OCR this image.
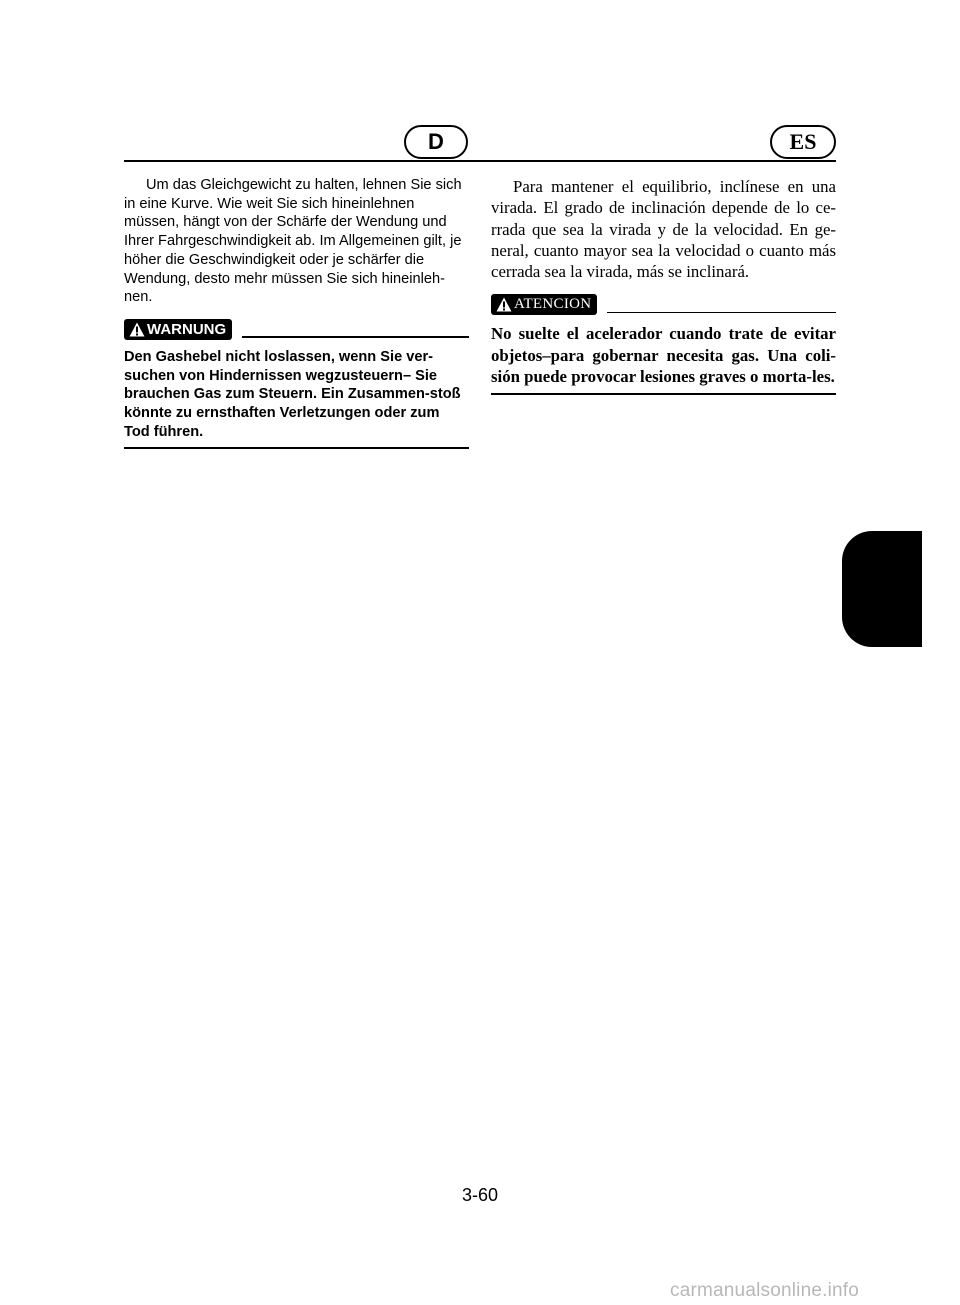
D	ES

Um das Gleichgewicht zu halten, lehnen Sie sich in eine Kurve. Wie weit Sie sich hineinlehnen müssen, hängt von der Schärfe der Wendung und Ihrer Fahrgeschwindigkeit ab. Im Allgemeinen gilt, je höher die Geschwindigkeit oder je schärfer die Wendung, desto mehr müssen Sie sich hineinleh-nen.

WARNUNG

Den Gashebel nicht loslassen, wenn Sie ver-suchen von Hindernissen wegzusteuern– Sie brauchen Gas zum Steuern. Ein Zusammen-stoß könnte zu ernsthaften Verletzungen oder zum Tod führen.

Para mantener el equilibrio, inclínese en una virada. El grado de inclinación depende de lo ce-rrada que sea la virada y de la velocidad. En ge-neral, cuanto mayor sea la velocidad o cuanto más cerrada sea la virada, más se inclinará.

ATENCION

No suelte el acelerador cuando trate de evitar objetos–para gobernar necesita gas. Una coli-sión puede provocar lesiones graves o morta-les.

3-60
carmanualsonline.info
